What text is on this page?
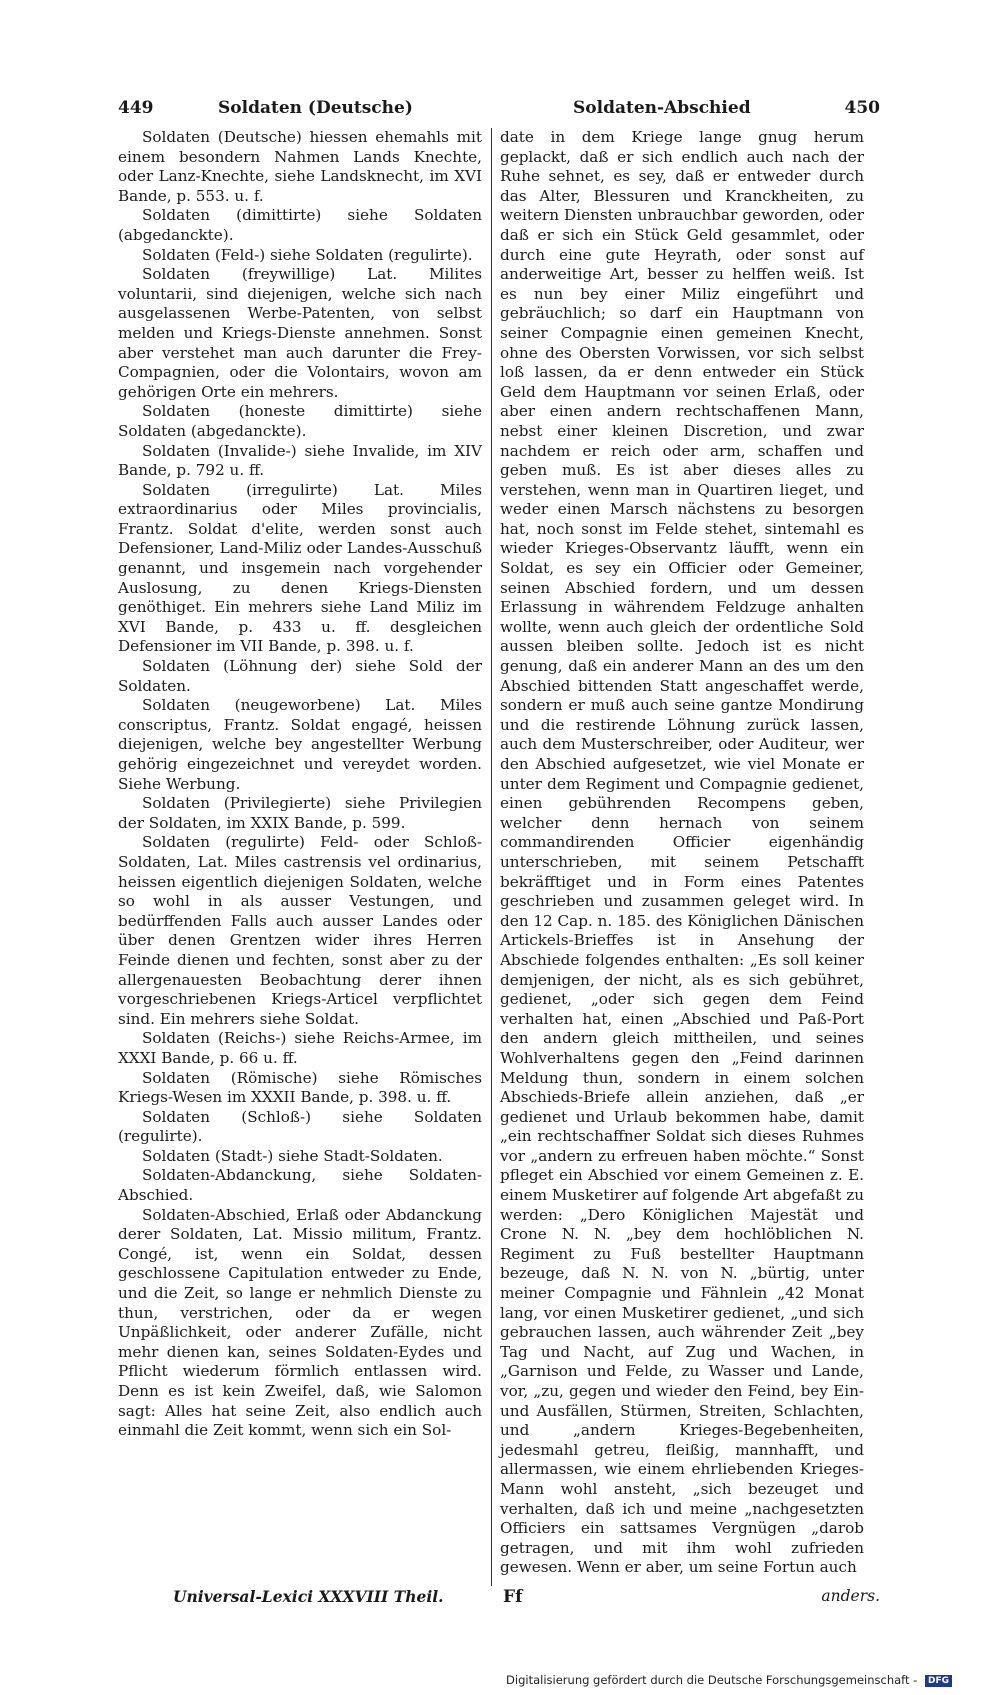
449	Soldaten (Deutsche)	Soldaten-Abschied	450

Soldaten (Deutsche) hiessen ehemahls mit einem besondern Nahmen Lands Knechte, oder Lanz-Knechte, siehe Landsknecht, im XVI Bande, p. 553. u. f.

Soldaten (dimittirte) siehe Soldaten (abgedanckte).

Soldaten (Feld-) siehe Soldaten (regulirte).

Soldaten (freywillige) Lat. Milites voluntarii, sind diejenigen, welche sich nach ausgelassenen Werbe-Patenten, von selbst melden und Kriegs-Dienste annehmen. Sonst aber verstehet man auch darunter die Frey-Compagnien, oder die Volontairs, wovon am gehörigen Orte ein mehrers.

Soldaten (honeste dimittirte) siehe Soldaten (abgedanckte).

Soldaten (Invalide-) siehe Invalide, im XIV Bande, p. 792 u. ff.

Soldaten (irregulirte) Lat. Miles extraordinarius oder Miles provincialis, Frantz. Soldat d'elite, werden sonst auch Defensioner, Land-Miliz oder Landes-Ausschuß genannt, und insgemein nach vorgehender Auslosung, zu denen Kriegs-Diensten genöthiget. Ein mehrers siehe Land Miliz im XVI Bande, p. 433 u. ff. desgleichen Defensioner im VII Bande, p. 398. u. f.

Soldaten (Löhnung der) siehe Sold der Soldaten.

Soldaten (neugeworbene) Lat. Miles conscriptus, Frantz. Soldat engagé, heissen diejenigen, welche bey angestellter Werbung gehörig eingezeichnet und vereydet worden. Siehe Werbung.

Soldaten (Privilegierte) siehe Privilegien der Soldaten, im XXIX Bande, p. 599.

Soldaten (regulirte) Feld- oder Schloß-Soldaten, Lat. Miles castrensis vel ordinarius, heissen eigentlich diejenigen Soldaten, welche so wohl in als ausser Vestungen, und bedürffenden Falls auch ausser Landes oder über denen Grentzen wider ihres Herren Feinde dienen und fechten, sonst aber zu der allergenauesten Beobachtung derer ihnen vorgeschriebenen Kriegs-Articel verpflichtet sind. Ein mehrers siehe Soldat.

Soldaten (Reichs-) siehe Reichs-Armee, im XXXI Bande, p. 66 u. ff.

Soldaten (Römische) siehe Römisches Kriegs-Wesen im XXXII Bande, p. 398. u. ff.

Soldaten (Schloß-) siehe Soldaten (regulirte).

Soldaten (Stadt-) siehe Stadt-Soldaten.

Soldaten-Abdanckung, siehe Soldaten-Abschied.

Soldaten-Abschied, Erlaß oder Abdanckung derer Soldaten, Lat. Missio militum, Frantz. Congé, ist, wenn ein Soldat, dessen geschlossene Capitulation entweder zu Ende, und die Zeit, so lange er nehmlich Dienste zu thun, verstrichen, oder da er wegen Unpäßlichkeit, oder anderer Zufälle, nicht mehr dienen kan, seines Soldaten-Eydes und Pflicht wiederum förmlich entlassen wird. Denn es ist kein Zweifel, daß, wie Salomon sagt: Alles hat seine Zeit, also endlich auch einmahl die Zeit kommt, wenn sich ein Sol-

date in dem Kriege lange gnug herum geplackt, daß er sich endlich auch nach der Ruhe sehnet, es sey, daß er entweder durch das Alter, Blessuren und Kranckheiten, zu weitern Diensten unbrauchbar geworden, oder daß er sich ein Stück Geld gesammlet, oder durch eine gute Heyrath, oder sonst auf anderweitige Art, besser zu helffen weiß. Ist es nun bey einer Miliz eingeführt und gebräuchlich; so darf ein Hauptmann von seiner Compagnie einen gemeinen Knecht, ohne des Obersten Vorwissen, vor sich selbst loß lassen, da er denn entweder ein Stück Geld dem Hauptmann vor seinen Erlaß, oder aber einen andern rechtschaffenen Mann, nebst einer kleinen Discretion, und zwar nachdem er reich oder arm, schaffen und geben muß. Es ist aber dieses alles zu verstehen, wenn man in Quartiren lieget, und weder einen Marsch nächstens zu besorgen hat, noch sonst im Felde stehet, sintemahl es wieder Krieges-Observantz läufft, wenn ein Soldat, es sey ein Officier oder Gemeiner, seinen Abschied fordern, und um dessen Erlassung in währendem Feldzuge anhalten wollte, wenn auch gleich der ordentliche Sold aussen bleiben sollte. Jedoch ist es nicht genung, daß ein anderer Mann an des um den Abschied bittenden Statt angeschaffet werde, sondern er muß auch seine gantze Mondirung und die restirende Löhnung zurück lassen, auch dem Musterschreiber, oder Auditeur, wer den Abschied aufgesetzet, wie viel Monate er unter dem Regiment und Compagnie gedienet, einen gebührenden Recompens geben, welcher denn hernach von seinem commandirenden Officier eigenhändig unterschrieben, mit seinem Petschafft bekräfftiget und in Form eines Patentes geschrieben und zusammen geleget wird. In den 12 Cap. n. 185. des Königlichen Dänischen Artickels-Brieffes ist in Ansehung der Abschiede folgendes enthalten: „Es soll keiner demjenigen, der nicht, als es sich gebühret, gedienet, „oder sich gegen dem Feind verhalten hat, einen „Abschied und Paß-Port den andern gleich mittheilen, und seines Wohlverhaltens gegen den „Feind darinnen Meldung thun, sondern in einem solchen Abschieds-Briefe allein anziehen, daß „er gedienet und Urlaub bekommen habe, damit „ein rechtschaffner Soldat sich dieses Ruhmes vor „andern zu erfreuen haben möchte.“ Sonst pfleget ein Abschied vor einem Gemeinen z. E. einem Musketirer auf folgende Art abgefaßt zu werden: „Dero Königlichen Majestät und Crone N. N. „bey dem hochlöblichen N. Regiment zu Fuß bestellter Hauptmann bezeuge, daß N. N. von N. „bürtig, unter meiner Compagnie und Fähnlein „42 Monat lang, vor einen Musketirer gedienet, „und sich gebrauchen lassen, auch währender Zeit „bey Tag und Nacht, auf Zug und Wachen, in „Garnison und Felde, zu Wasser und Lande, vor, „zu, gegen und wieder den Feind, bey Ein- und Ausfällen, Stürmen, Streiten, Schlachten, und „andern Krieges-Begebenheiten, jedesmahl getreu, fleißig, mannhafft, und allermassen, wie einem ehrliebenden Krieges-Mann wohl ansteht, „sich bezeuget und verhalten, daß ich und meine „nachgesetzten Officiers ein sattsames Vergnügen „darob getragen, und mit ihm wohl zufrieden gewesen. Wenn er aber, um seine Fortun auch

Universal-Lexici XXXVIII Theil.	Ff	anders.
Digitalisierung gefördert durch die Deutsche Forschungsgemeinschaft - DFG
